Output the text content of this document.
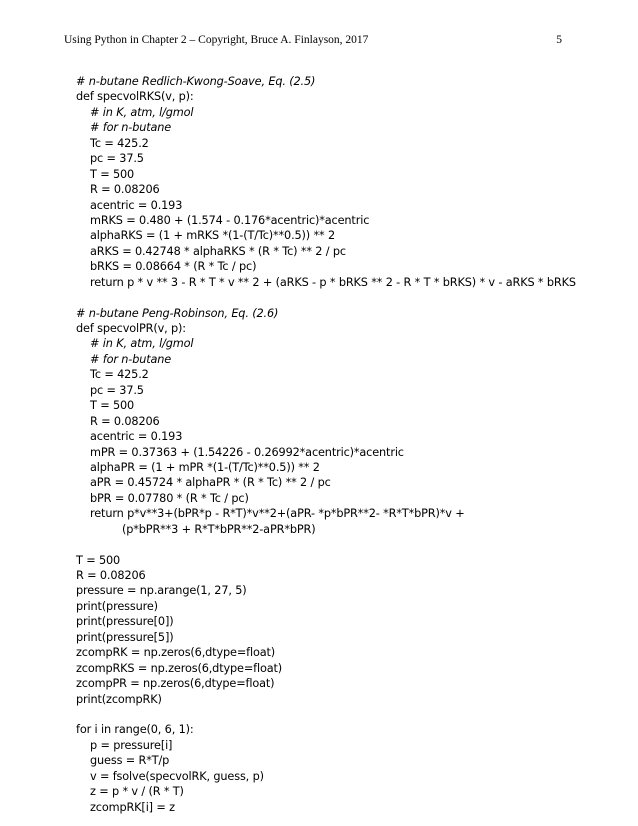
Using Python in Chapter 2 – Copyright, Bruce A. Finlayson, 2017	5
# n-butane Redlich-Kwong-Soave, Eq. (2.5)
def specvolRKS(v, p):
# in K, atm, l/gmol
# for n-butane
Tc = 425.2
pc = 37.5
T = 500
R = 0.08206
acentric = 0.193
mRKS = 0.480 + (1.574 - 0.176*acentric)*acentric
alphaRKS = (1 + mRKS *(1-(T/Tc)**0.5)) ** 2
aRKS = 0.42748 * alphaRKS * (R * Tc) ** 2 / pc
bRKS = 0.08664 * (R * Tc / pc)
return p * v ** 3 - R * T * v ** 2 + (aRKS - p * bRKS ** 2 - R * T * bRKS) * v - aRKS * bRKS
# n-butane Peng-Robinson, Eq. (2.6)
def specvolPR(v, p):
# in K, atm, l/gmol
# for n-butane
Tc = 425.2
pc = 37.5
T = 500
R = 0.08206
acentric = 0.193
mPR = 0.37363 + (1.54226 - 0.26992*acentric)*acentric
alphaPR = (1 + mPR *(1-(T/Tc)**0.5)) ** 2
aPR = 0.45724 * alphaPR * (R * Tc) ** 2 / pc
bPR = 0.07780 * (R * Tc / pc)
return p*v**3+(bPR*p - R*T)*v**2+(aPR- *p*bPR**2- *R*T*bPR)*v +
(p*bPR**3 + R*T*bPR**2-aPR*bPR)
T = 500
R = 0.08206
pressure = np.arange(1, 27, 5)
print(pressure)
print(pressure[0])
print(pressure[5])
zcompRK = np.zeros(6,dtype=float)
zcompRKS = np.zeros(6,dtype=float)
zcompPR = np.zeros(6,dtype=float)
print(zcompRK)
for i in range(0, 6, 1):
p = pressure[i]
guess = R*T/p
v = fsolve(specvolRK, guess, p)
z = p * v / (R * T)
zcompRK[i] = z
